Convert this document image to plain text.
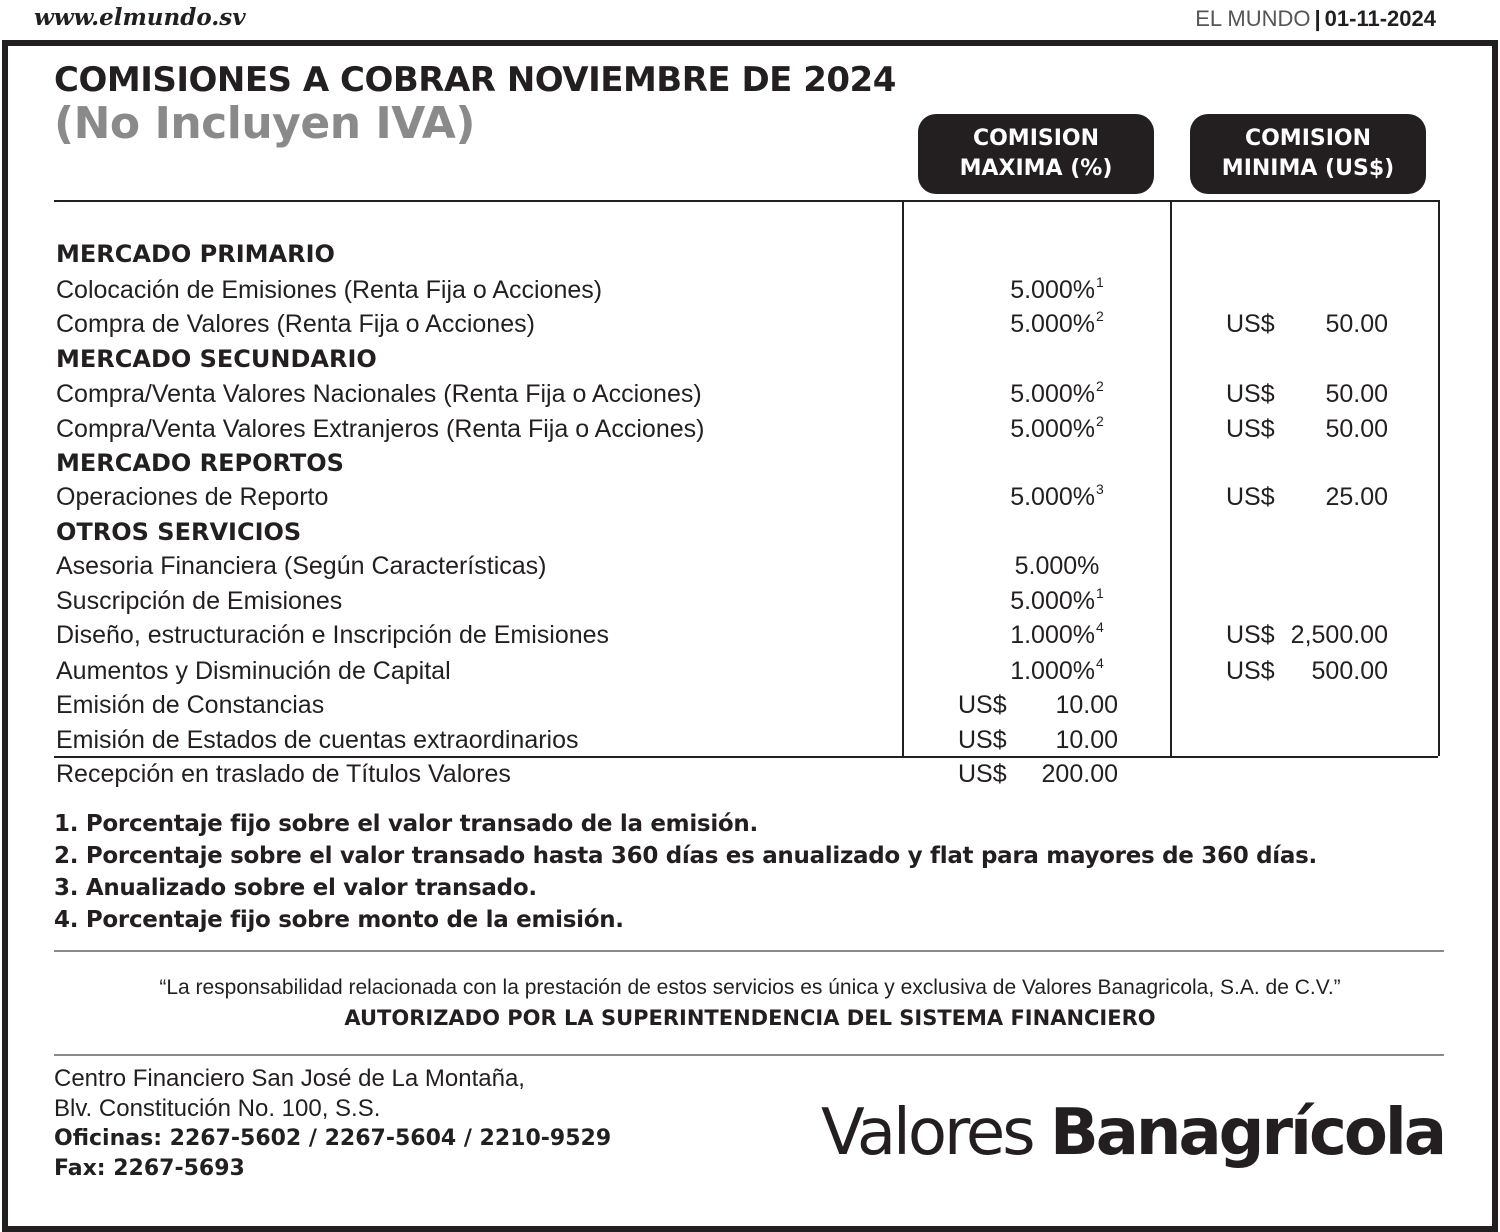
www.elmundo.sv	EL MUNDO | 01-11-2024
COMISIONES A COBRAR NOVIEMBRE DE 2024
(No Incluyen IVA)	COMISION
MAXIMA (%)
COMISION
MINIMA (US$)
MERCADO PRIMARIO
Colocación de Emisiones (Renta Fija o Acciones)	5.000%$^1$
Compra de Valores (Renta Fija o Acciones)	5.000%$^2$	US$ 50.00
MERCADO SECUNDARIO
Compra/Venta Valores Nacionales (Renta Fija o Acciones)	5.000%$^2$	US$ 50.00
Compra/Venta Valores Extranjeros (Renta Fija o Acciones)	5.000%$^2$	US$ 50.00
MERCADO REPORTOS
Operaciones de Reporto	5.000%$^3$	US$ 25.00
OTROS SERVICIOS
Asesoria Financiera (Según Características)	5.000%
Suscripción de Emisiones	5.000%$^1$
Diseño, estructuración e Inscripción de Emisiones	1.000%$^4$	US$ 2,500.00
Aumentos y Disminución de Capital	1.000%$^4$	US$ 500.00
Emisión de Constancias	US$ 10.00
Emisión de Estados de cuentas extraordinarios	US$ 10.00
Recepción en traslado de Títulos Valores	US$ 200.00
1. Porcentaje fijo sobre el valor transado de la emisión.
2. Porcentaje sobre el valor transado hasta 360 días es anualizado y flat para mayores de 360 días.
3. Anualizado sobre el valor transado.
4. Porcentaje fijo sobre monto de la emisión.
“La responsabilidad relacionada con la prestación de estos servicios es única y exclusiva de Valores Banagricola, S.A. de C.V.”
AUTORIZADO POR LA SUPERINTENDENCIA DEL SISTEMA FINANCIERO
Centro Financiero San José de La Montaña,
Blv. Constitución No. 100, S.S.
Oficinas: 2267-5602 / 2267-5604 / 2210-9529
Fax: 2267-5693	Valores Banagrícola
